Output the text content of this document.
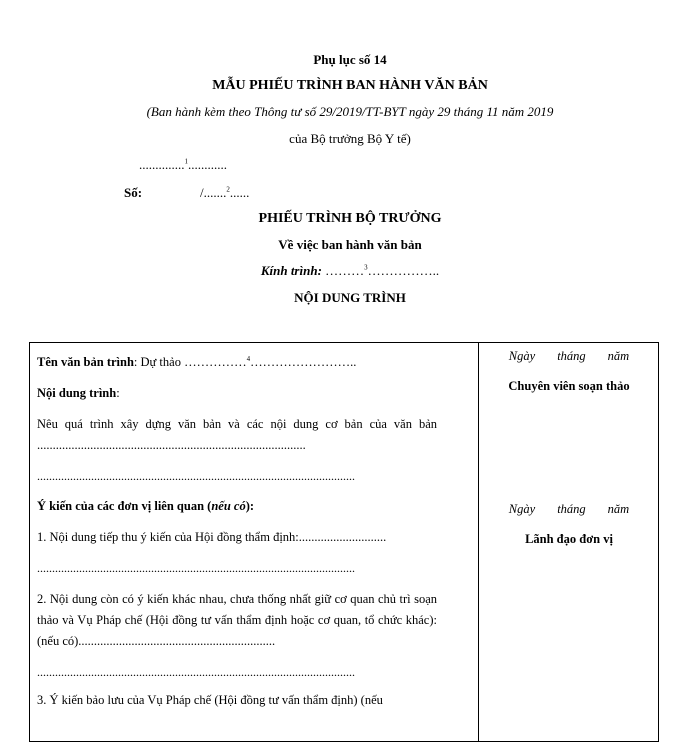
Phụ lục số 14
MẪU PHIẾU TRÌNH BAN HÀNH VĂN BẢN
(Ban hành kèm theo Thông tư số 29/2019/TT-BYT ngày 29 tháng 11 năm 2019
của Bộ trưởng Bộ Y tế)
..............$^1$............
Số:	/.......$^2$......
PHIẾU TRÌNH BỘ TRƯỞNG
Về việc ban hành văn bản
Kính trình: ………$^3$……………..
NỘI DUNG TRÌNH
Tên văn bản trình: Dự thảo ……………$^4$……………………..
Nội dung trình:
Nêu quá trình xây dựng văn bản và các nội dung cơ bản của văn bản ......................................................................................
..........................................................................................................
Ý kiến của các đơn vị liên quan (nếu có):
1. Nội dung tiếp thu ý kiến của Hội đồng thẩm định:............................
..........................................................................................................
2. Nội dung còn có ý kiến khác nhau, chưa thống nhất giữ cơ quan chủ trì soạn thảo và Vụ Pháp chế (Hội đồng tư vấn thẩm định hoặc cơ quan, tổ chức khác): (nếu có)...............................................................
..........................................................................................................
3. Ý kiến bảo lưu của Vụ Pháp chế (Hội đồng tư vấn thẩm định) (nếu
Ngày tháng năm
Chuyên viên soạn thảo
Ngày tháng năm
Lãnh đạo đơn vị
